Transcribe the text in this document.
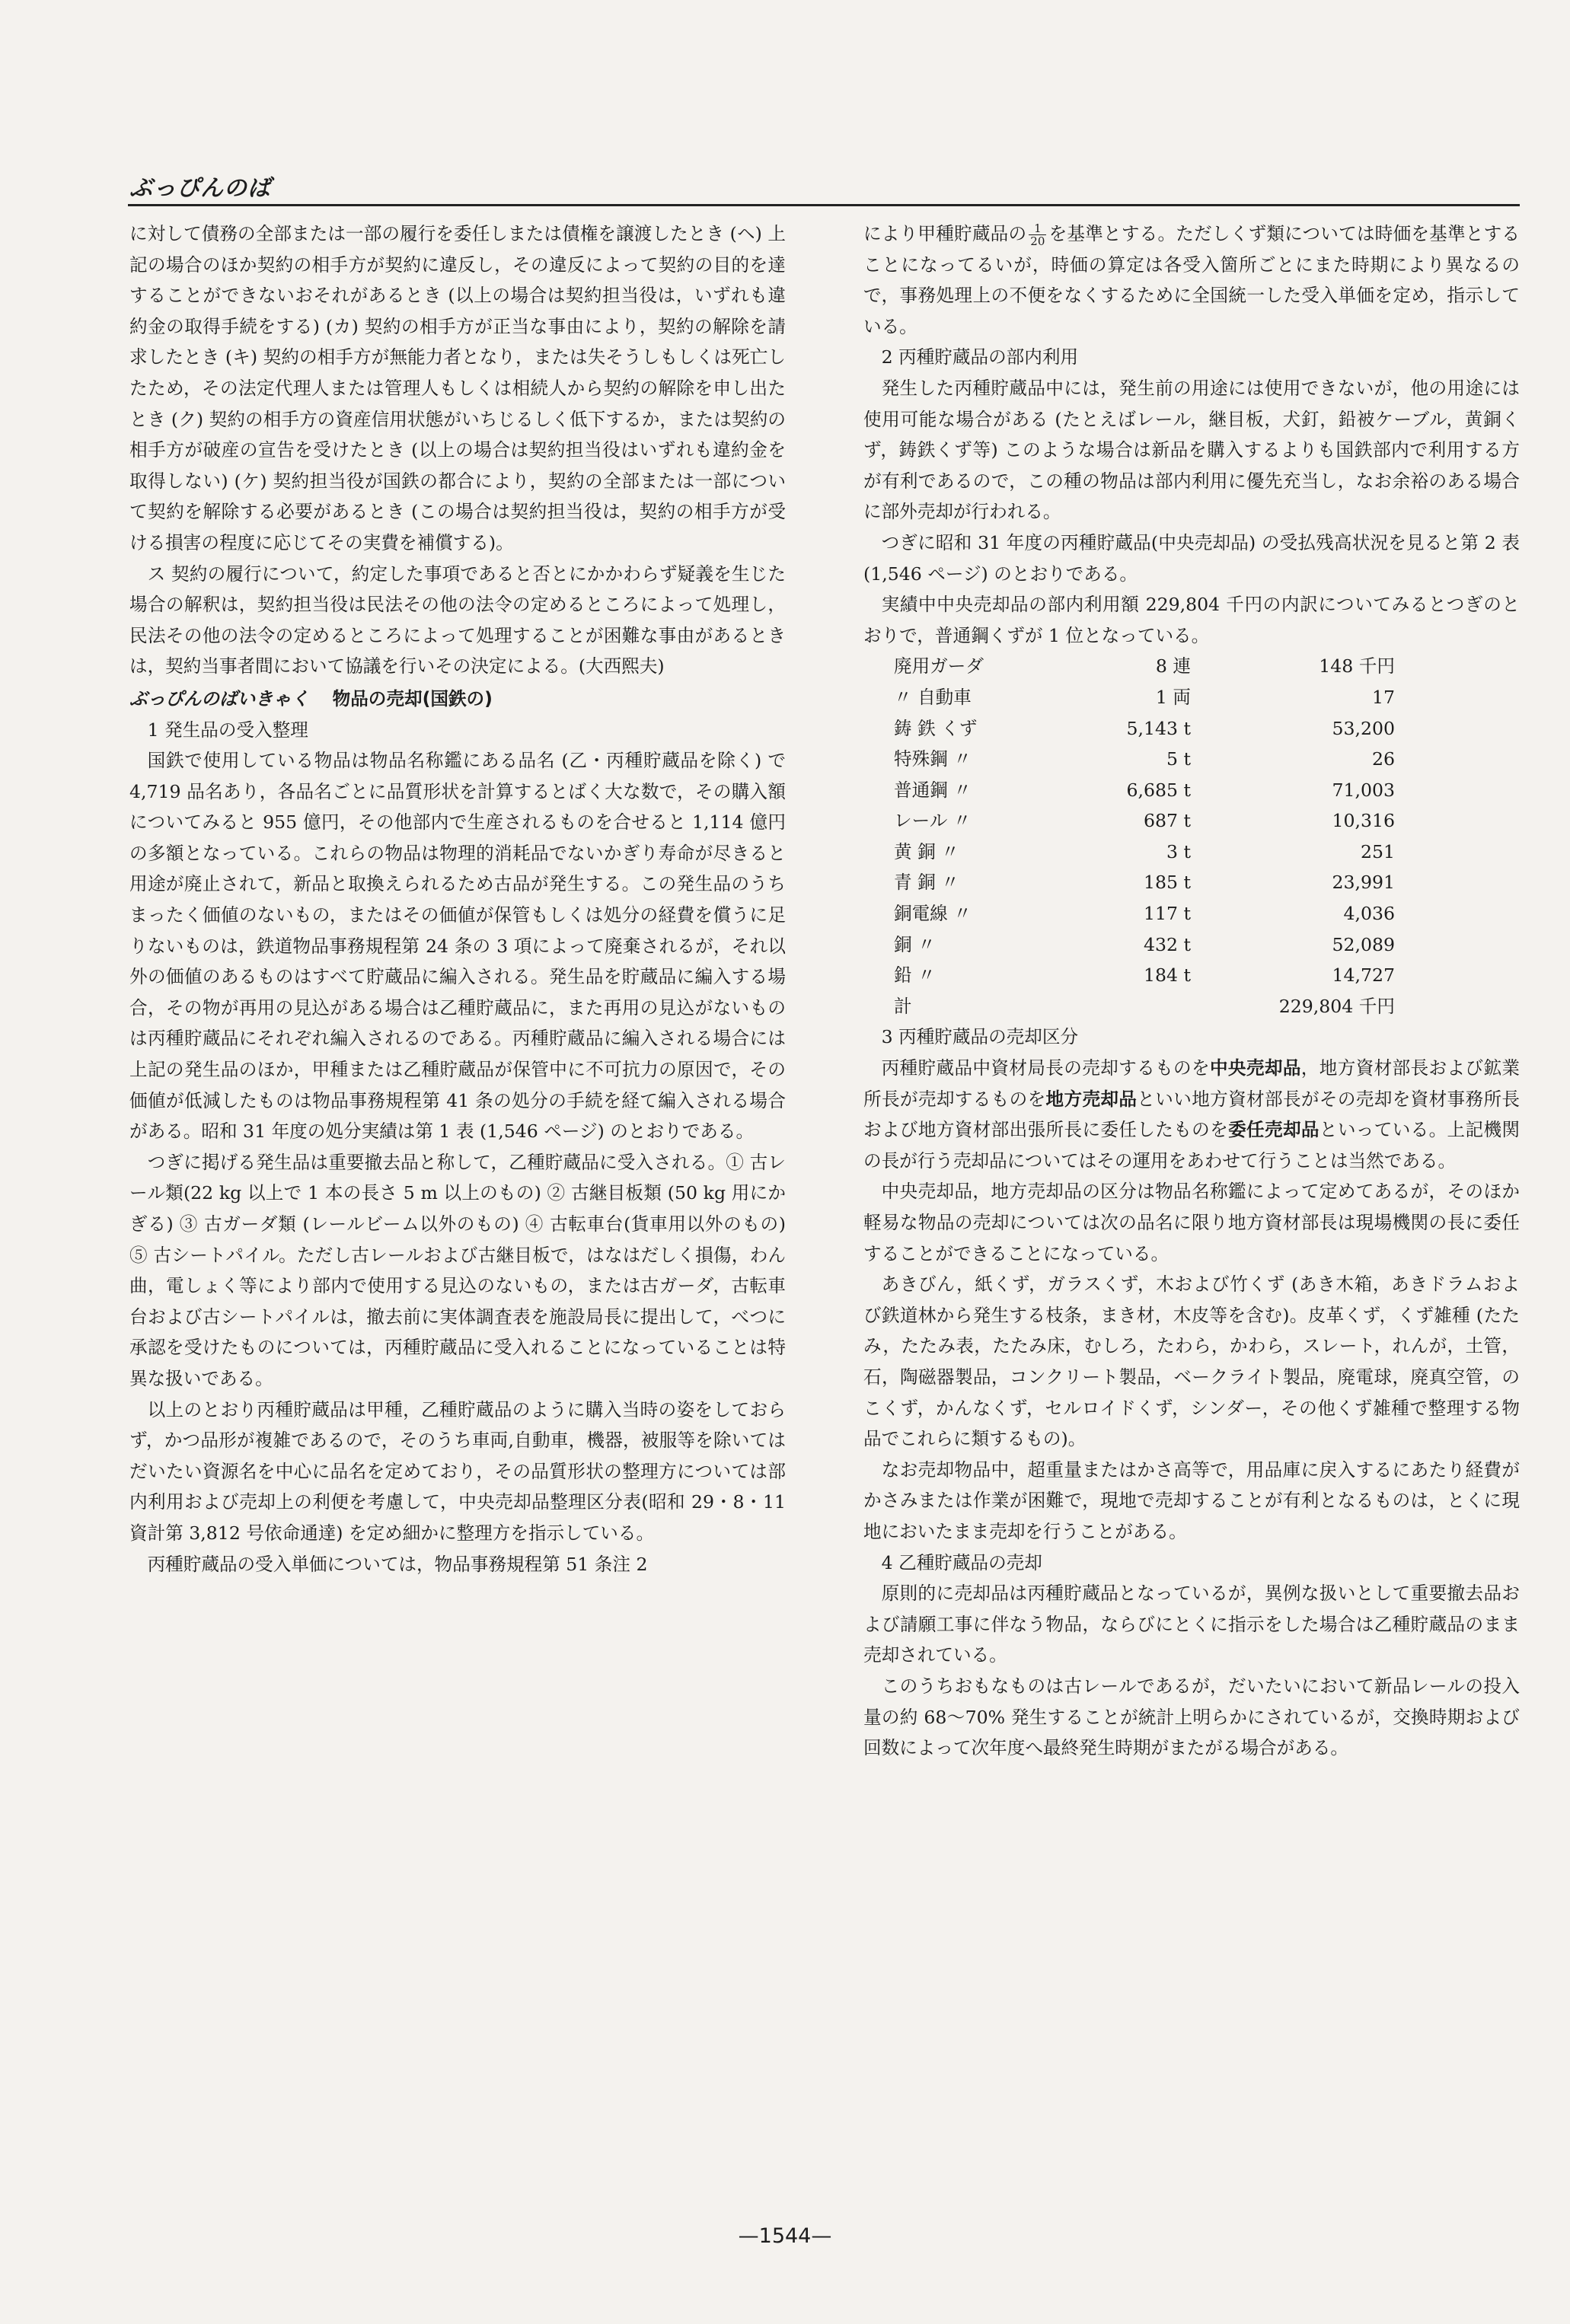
ぶっぴんのば

に対して債務の全部または一部の履行を委任しまたは債権を譲渡したとき (ヘ) 上記の場合のほか契約の相手方が契約に違反し，その違反によって契約の目的を達することができないおそれがあるとき (以上の場合は契約担当役は，いずれも違約金の取得手続をする) (カ) 契約の相手方が正当な事由により，契約の解除を請求したとき (キ) 契約の相手方が無能力者となり，または失そうしもしくは死亡したため，その法定代理人または管理人もしくは相続人から契約の解除を申し出たとき (ク) 契約の相手方の資産信用状態がいちじるしく低下するか，または契約の相手方が破産の宣告を受けたとき (以上の場合は契約担当役はいずれも違約金を取得しない) (ケ) 契約担当役が国鉄の都合により，契約の全部または一部について契約を解除する必要があるとき (この場合は契約担当役は，契約の相手方が受ける損害の程度に応じてその実費を補償する)。

ス 契約の履行について，約定した事項であると否とにかかわらず疑義を生じた場合の解釈は，契約担当役は民法その他の法令の定めるところによって処理し，民法その他の法令の定めるところによって処理することが困難な事由があるときは，契約当事者間において協議を行いその決定による。(大西熙夫)

ぶっぴんのばいきゃく 物品の売却(国鉄の)

1 発生品の受入整理

国鉄で使用している物品は物品名称鑑にある品名 (乙・丙種貯蔵品を除く) で 4,719 品名あり，各品名ごとに品質形状を計算するとばく大な数で，その購入額についてみると 955 億円，その他部内で生産されるものを合せると 1,114 億円の多額となっている。これらの物品は物理的消耗品でないかぎり寿命が尽きると用途が廃止されて，新品と取換えられるため古品が発生する。この発生品のうちまったく価値のないもの，またはその価値が保管もしくは処分の経費を償うに足りないものは，鉄道物品事務規程第 24 条の 3 項によって廃棄されるが，それ以外の価値のあるものはすべて貯蔵品に編入される。発生品を貯蔵品に編入する場合，その物が再用の見込がある場合は乙種貯蔵品に，また再用の見込がないものは丙種貯蔵品にそれぞれ編入されるのである。丙種貯蔵品に編入される場合には上記の発生品のほか，甲種または乙種貯蔵品が保管中に不可抗力の原因で，その価値が低減したものは物品事務規程第 41 条の処分の手続を経て編入される場合がある。昭和 31 年度の処分実績は第 1 表 (1,546 ページ) のとおりである。

つぎに掲げる発生品は重要撤去品と称して，乙種貯蔵品に受入される。① 古レール類(22 kg 以上で 1 本の長さ 5 m 以上のもの) ② 古継目板類 (50 kg 用にかぎる) ③ 古ガーダ類 (レールビーム以外のもの) ④ 古転車台(貨車用以外のもの) ⑤ 古シートパイル。ただし古レールおよび古継目板で，はなはだしく損傷，わん曲，電しょく等により部内で使用する見込のないもの，または古ガーダ，古転車台および古シートパイルは，撤去前に実体調査表を施設局長に提出して，べつに承認を受けたものについては，丙種貯蔵品に受入れることになっていることは特異な扱いである。

以上のとおり丙種貯蔵品は甲種，乙種貯蔵品のように購入当時の姿をしておらず，かつ品形が複雑であるので，そのうち車両,自動車，機器，被服等を除いてはだいたい資源名を中心に品名を定めており，その品質形状の整理方については部内利用および売却上の利便を考慮して，中央売却品整理区分表(昭和 29・8・11 資計第 3,812 号依命通達) を定め細かに整理方を指示している。

丙種貯蔵品の受入単価については，物品事務規程第 51 条注 2

により甲種貯蔵品の $\frac{1}{20}$ を基準とする。ただしくず類については時価を基準とすることになってるいが，時価の算定は各受入箇所ごとにまた時期により異なるので，事務処理上の不便をなくするために全国統一した受入単価を定め，指示している。

2 丙種貯蔵品の部内利用

発生した丙種貯蔵品中には，発生前の用途には使用できないが，他の用途には使用可能な場合がある (たとえばレール，継目板，犬釘，鉛被ケーブル，黄銅くず，鋳鉄くず等) このような場合は新品を購入するよりも国鉄部内で利用する方が有利であるので，この種の物品は部内利用に優先充当し，なお余裕のある場合に部外売却が行われる。

つぎに昭和 31 年度の丙種貯蔵品(中央売却品) の受払残高状況を見ると第 2 表 (1,546 ページ) のとおりである。

実績中中央売却品の部内利用額 229,804 千円の内訳についてみるとつぎのとおりで，普通鋼くずが 1 位となっている。

廃用ガーダ	8 連	148 千円
〃 自動車	1 両	17
鋳 鉄 くず	5,143 t	53,200
特殊鋼 〃	5 t	26
普通鋼 〃	6,685 t	71,003
レール 〃	687 t	10,316
黄 銅 〃	3 t	251
青 銅 〃	185 t	23,991
銅電線 〃	117 t	4,036
銅 〃	432 t	52,089
鉛 〃	184 t	14,727
計		229,804 千円

3 丙種貯蔵品の売却区分

丙種貯蔵品中資材局長の売却するものを中央売却品，地方資材部長および鉱業所長が売却するものを地方売却品といい地方資材部長がその売却を資材事務所長および地方資材部出張所長に委任したものを委任売却品といっている。上記機関の長が行う売却品についてはその運用をあわせて行うことは当然である。

中央売却品，地方売却品の区分は物品名称鑑によって定めてあるが，そのほか軽易な物品の売却については次の品名に限り地方資材部長は現場機関の長に委任することができることになっている。

あきびん，紙くず，ガラスくず，木および竹くず (あき木箱，あきドラムおよび鉄道林から発生する枝条，まき材，木皮等を含む)。皮革くず，くず雑種 (たたみ，たたみ表，たたみ床，むしろ，たわら，かわら，スレート，れんが，土管，石，陶磁器製品，コンクリート製品，ベークライト製品，廃電球，廃真空管，のこくず，かんなくず，セルロイドくず，シンダー，その他くず雑種で整理する物品でこれらに類するもの)。

なお売却物品中，超重量またはかさ高等で，用品庫に戻入するにあたり経費がかさみまたは作業が困難で，現地で売却することが有利となるものは，とくに現地においたまま売却を行うことがある。

4 乙種貯蔵品の売却

原則的に売却品は丙種貯蔵品となっているが，異例な扱いとして重要撤去品および請願工事に伴なう物品，ならびにとくに指示をした場合は乙種貯蔵品のまま売却されている。

このうちおもなものは古レールであるが，だいたいにおいて新品レールの投入量の約 68～70% 発生することが統計上明らかにされているが，交換時期および回数によって次年度へ最終発生時期がまたがる場合がある。

—1544—
